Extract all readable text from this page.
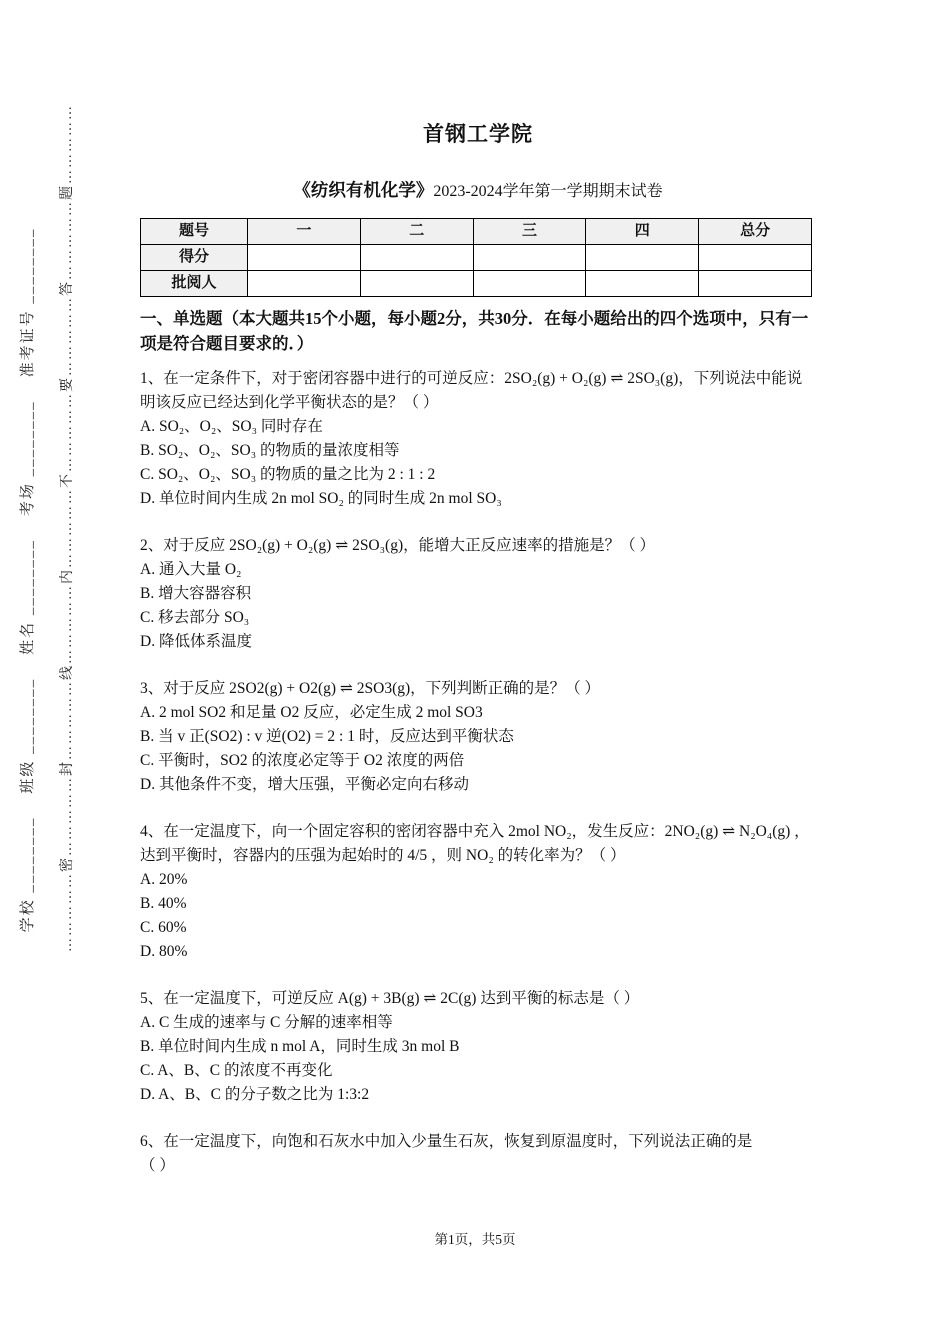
学校 ________    班级 ________    姓名 ________    考场 ________    准考证号 ________	……………密……………封……………线……………内……………不……………要……………答……………题……………	首钢工学院
《纺织有机化学》2023-2024学年第一学期期末试卷
题号	一	二	三	四	总分
得分					
批阅人					
一、单选题（本大题共15个小题，每小题2分，共30分．在每小题给出的四个选项中，只有一项是符合题目要求的．）
1、在一定条件下，对于密闭容器中进行的可逆反应：2SO₂(g) + O₂(g) ⇌ 2SO₃(g)，下列说法中能说明该反应已经达到化学平衡状态的是？（ ）
A. SO₂、O₂、SO₃ 同时存在
B. SO₂、O₂、SO₃ 的物质的量浓度相等
C. SO₂、O₂、SO₃ 的物质的量之比为 2 : 1 : 2
D. 单位时间内生成 2n mol SO₂ 的同时生成 2n mol SO₃
2、对于反应 2SO₂(g) + O₂(g) ⇌ 2SO₃(g)，能增大正反应速率的措施是？（ ）
A. 通入大量 O₂
B. 增大容器容积
C. 移去部分 SO₃
D. 降低体系温度
3、对于反应 2SO2(g) + O2(g) ⇌ 2SO3(g)，下列判断正确的是？（ ）
A. 2 mol SO2 和足量 O2 反应，必定生成 2 mol SO3
B. 当 v 正(SO2) : v 逆(O2) = 2 : 1 时，反应达到平衡状态
C. 平衡时，SO2 的浓度必定等于 O2 浓度的两倍
D. 其他条件不变，增大压强，平衡必定向右移动
4、在一定温度下，向一个固定容积的密闭容器中充入 2mol NO₂，发生反应：2NO₂(g) ⇌ N₂O₄(g) ，达到平衡时，容器内的压强为起始时的 4/5 ，则 NO₂ 的转化率为？（ ）
A. 20%
B. 40%
C. 60%
D. 80%
5、在一定温度下，可逆反应 A(g) + 3B(g) ⇌ 2C(g) 达到平衡的标志是（ ）
A. C 生成的速率与 C 分解的速率相等
B. 单位时间内生成 n mol A，同时生成 3n mol B
C. A、B、C 的浓度不再变化
D. A、B、C 的分子数之比为 1:3:2
6、在一定温度下，向饱和石灰水中加入少量生石灰，恢复到原温度时，下列说法正确的是
（ ）
第1页，共5页
